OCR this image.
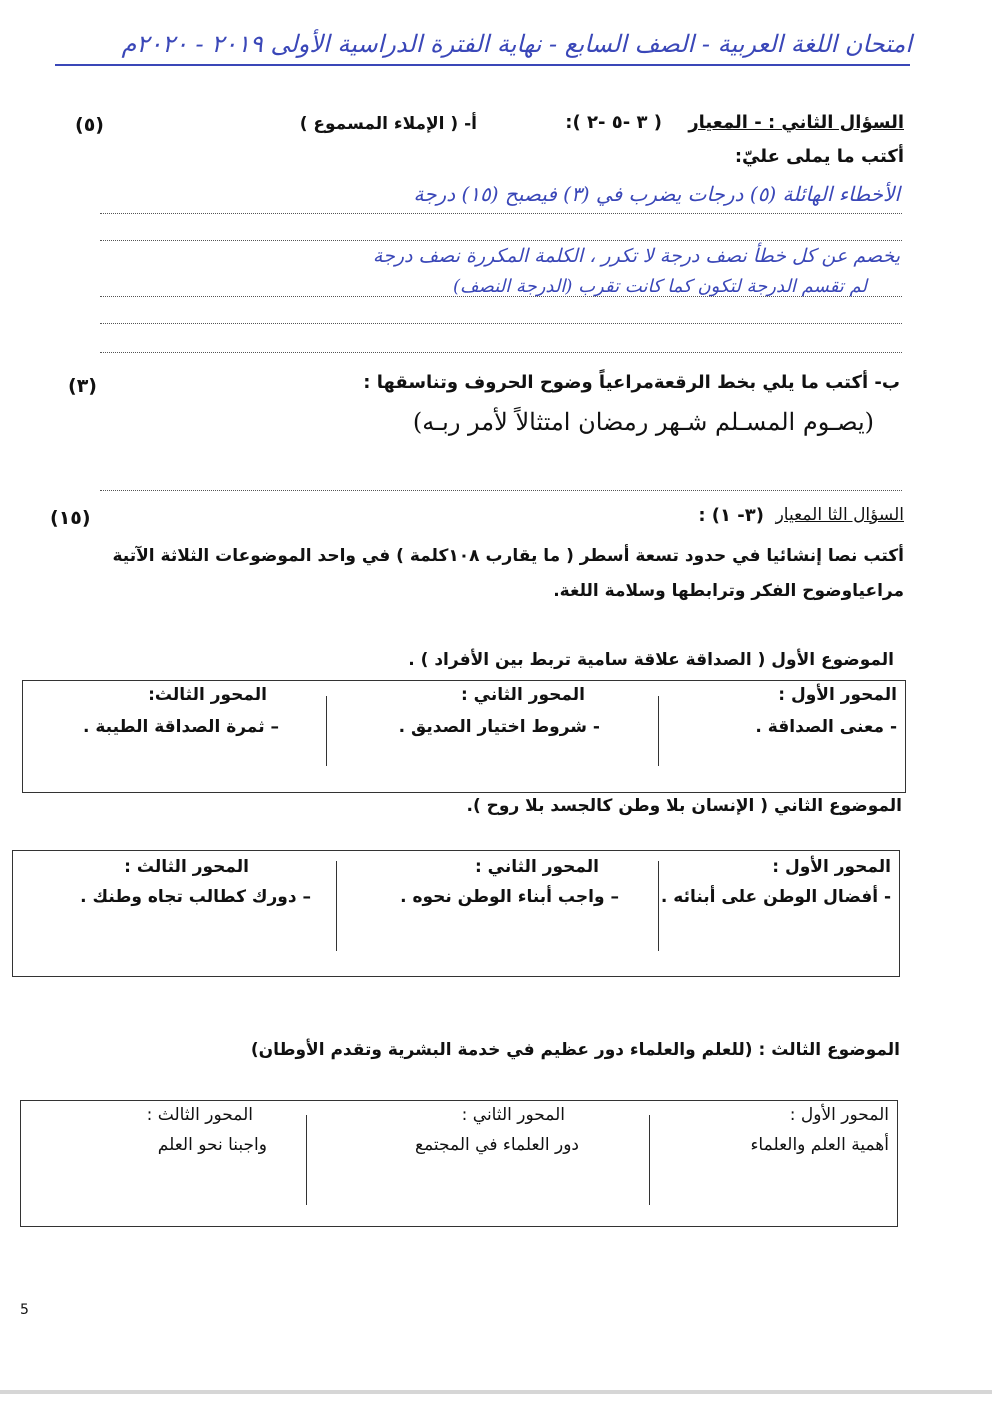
امتحان اللغة العربية - الصف السابع - نهاية الفترة الدراسية الأولى ٢٠١٩ - ٢٠٢٠م
السؤال الثاني : - المعيار
( ٣ -٥ -٢ ):
أ- ( الإملاء المسموع )
(٥)
أكتب ما يملى عليّ:
الأخطاء الهائلة (٥) درجات يضرب في (٣) فيصبح (١٥) درجة
يخصم عن كل خطأ نصف درجة لا تكرر ، الكلمة المكررة نصف درجة
لم تقسم الدرجة لتكون كما كانت تقرب (الدرجة النصف)
ب- أكتب ما يلي بخط الرقعةمراعياً وضوح الحروف وتناسقها :
(٣)
(يصـوم المسـلم شـهر رمضان امتثالاً لأمر ربـه)
السؤال الثا المعيار
(٣- ١) :
(١٥)
أكتب نصا إنشائيا في حدود تسعة أسطر ( ما يقارب ١٠٨كلمة ) في واحد الموضوعات الثلاثة الآتية
مراعياوضوح الفكر وترابطها وسلامة اللغة.
الموضوع الأول ( الصداقة علاقة سامية تربط بين الأفراد ) .
المحور الأول :
- معنى الصداقة .
المحور الثاني :
- شروط اختيار الصديق .
المحور الثالث:
– ثمرة الصداقة الطيبة .
الموضوع الثاني ( الإنسان بلا وطن كالجسد بلا روح ).
المحور الأول :
- أفضال الوطن على أبنائه .
المحور الثاني :
– واجب أبناء الوطن نحوه .
المحور الثالث :
– دورك كطالب تجاه وطنك .
الموضوع الثالث : (للعلم والعلماء دور عظيم في خدمة البشرية وتقدم الأوطان)
المحور الأول :
أهمية العلم والعلماء
المحور الثاني :
دور العلماء في المجتمع
المحور الثالث :
واجبنا نحو العلم
5
